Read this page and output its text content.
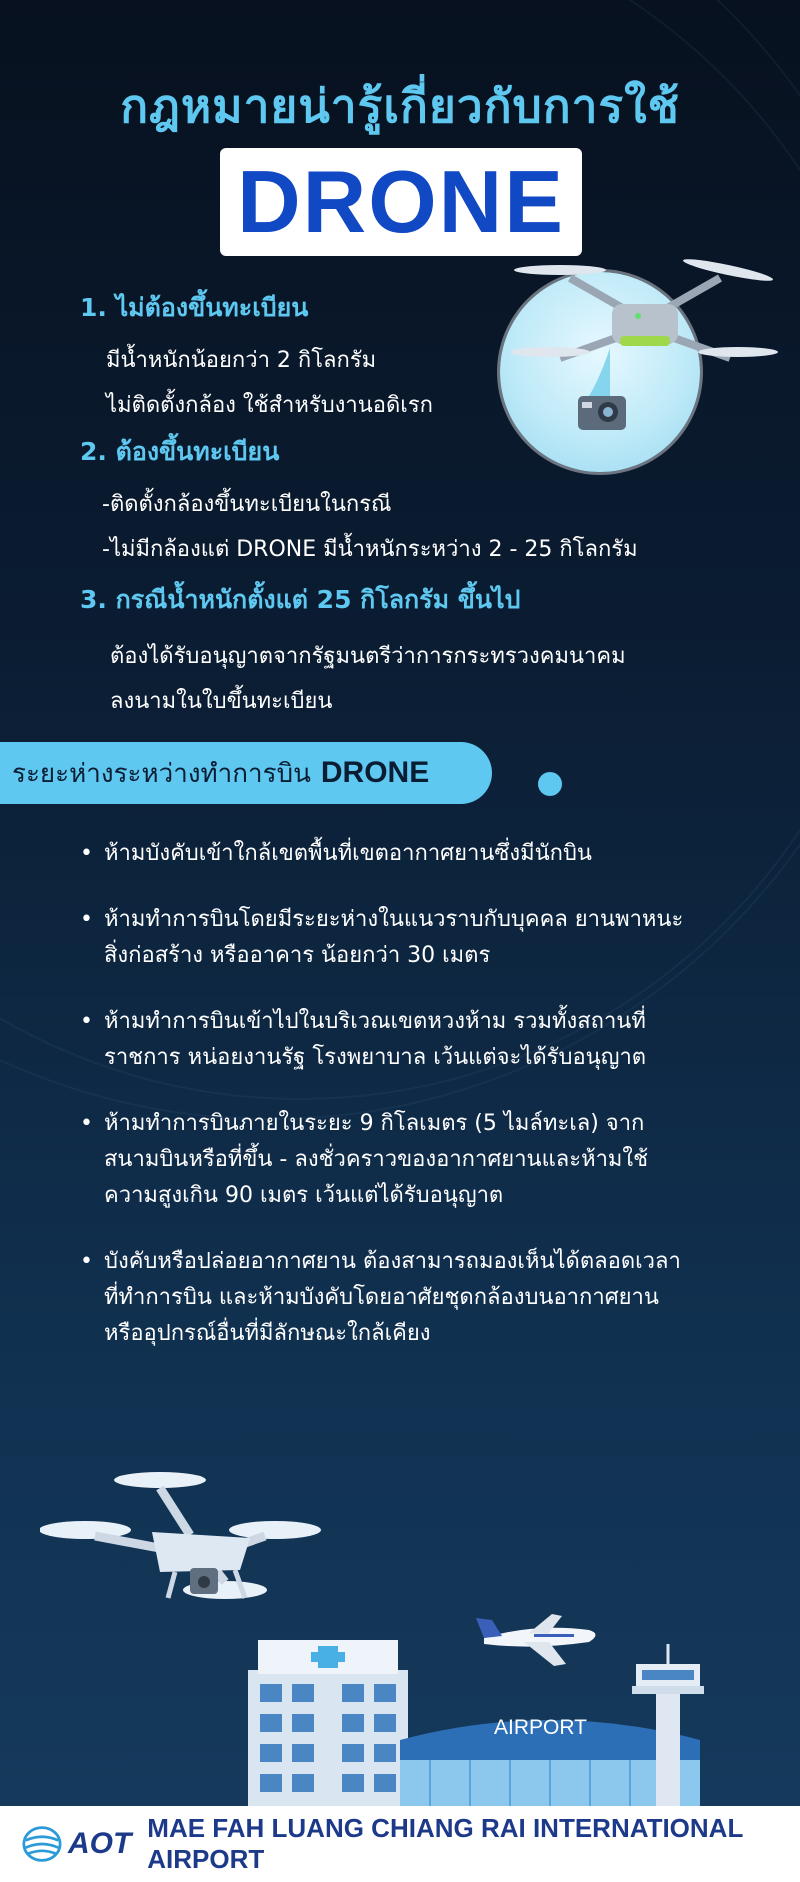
กฎหมายน่ารู้เกี่ยวกับการใช้
DRONE
1. ไม่ต้องขึ้นทะเบียน
มีน้ำหนักน้อยกว่า 2 กิโลกรัม
ไม่ติดตั้งกล้อง ใช้สำหรับงานอดิเรก
2. ต้องขึ้นทะเบียน
-ติดตั้งกล้องขึ้นทะเบียนในกรณี
-ไม่มีกล้องแต่ DRONE มีน้ำหนักระหว่าง 2 - 25 กิโลกรัม
3. กรณีน้ำหนักตั้งแต่ 25 กิโลกรัม ขึ้นไป
ต้องได้รับอนุญาตจากรัฐมนตรีว่าการกระทรวงคมนาคม
ลงนามในใบขึ้นทะเบียน
ระยะห่างระหว่างทำการบิน DRONE
• ห้ามบังคับเข้าใกล้เขตพื้นที่เขตอากาศยานซึ่งมีนักบิน
• ห้ามทำการบินโดยมีระยะห่างในแนวราบกับบุคคล ยานพาหนะ
สิ่งก่อสร้าง หรืออาคาร น้อยกว่า 30 เมตร
• ห้ามทำการบินเข้าไปในบริเวณเขตหวงห้าม รวมทั้งสถานที่
ราชการ หน่อยงานรัฐ โรงพยาบาล เว้นแต่จะได้รับอนุญาต
• ห้ามทำการบินภายในระยะ 9 กิโลเมตร (5 ไมล์ทะเล) จาก
สนามบินหรือที่ขึ้น - ลงชั่วคราวของอากาศยานและห้ามใช้
ความสูงเกิน 90 เมตร เว้นแต่ได้รับอนุญาต
• บังคับหรือปล่อยอากาศยาน ต้องสามารถมองเห็นได้ตลอดเวลา
ที่ทำการบิน และห้ามบังคับโดยอาศัยชุดกล้องบนอากาศยาน
หรืออุปกรณ์อื่นที่มีลักษณะใกล้เคียง
AIRPORT
AOT MAE FAH LUANG CHIANG RAI INTERNATIONAL AIRPORT
